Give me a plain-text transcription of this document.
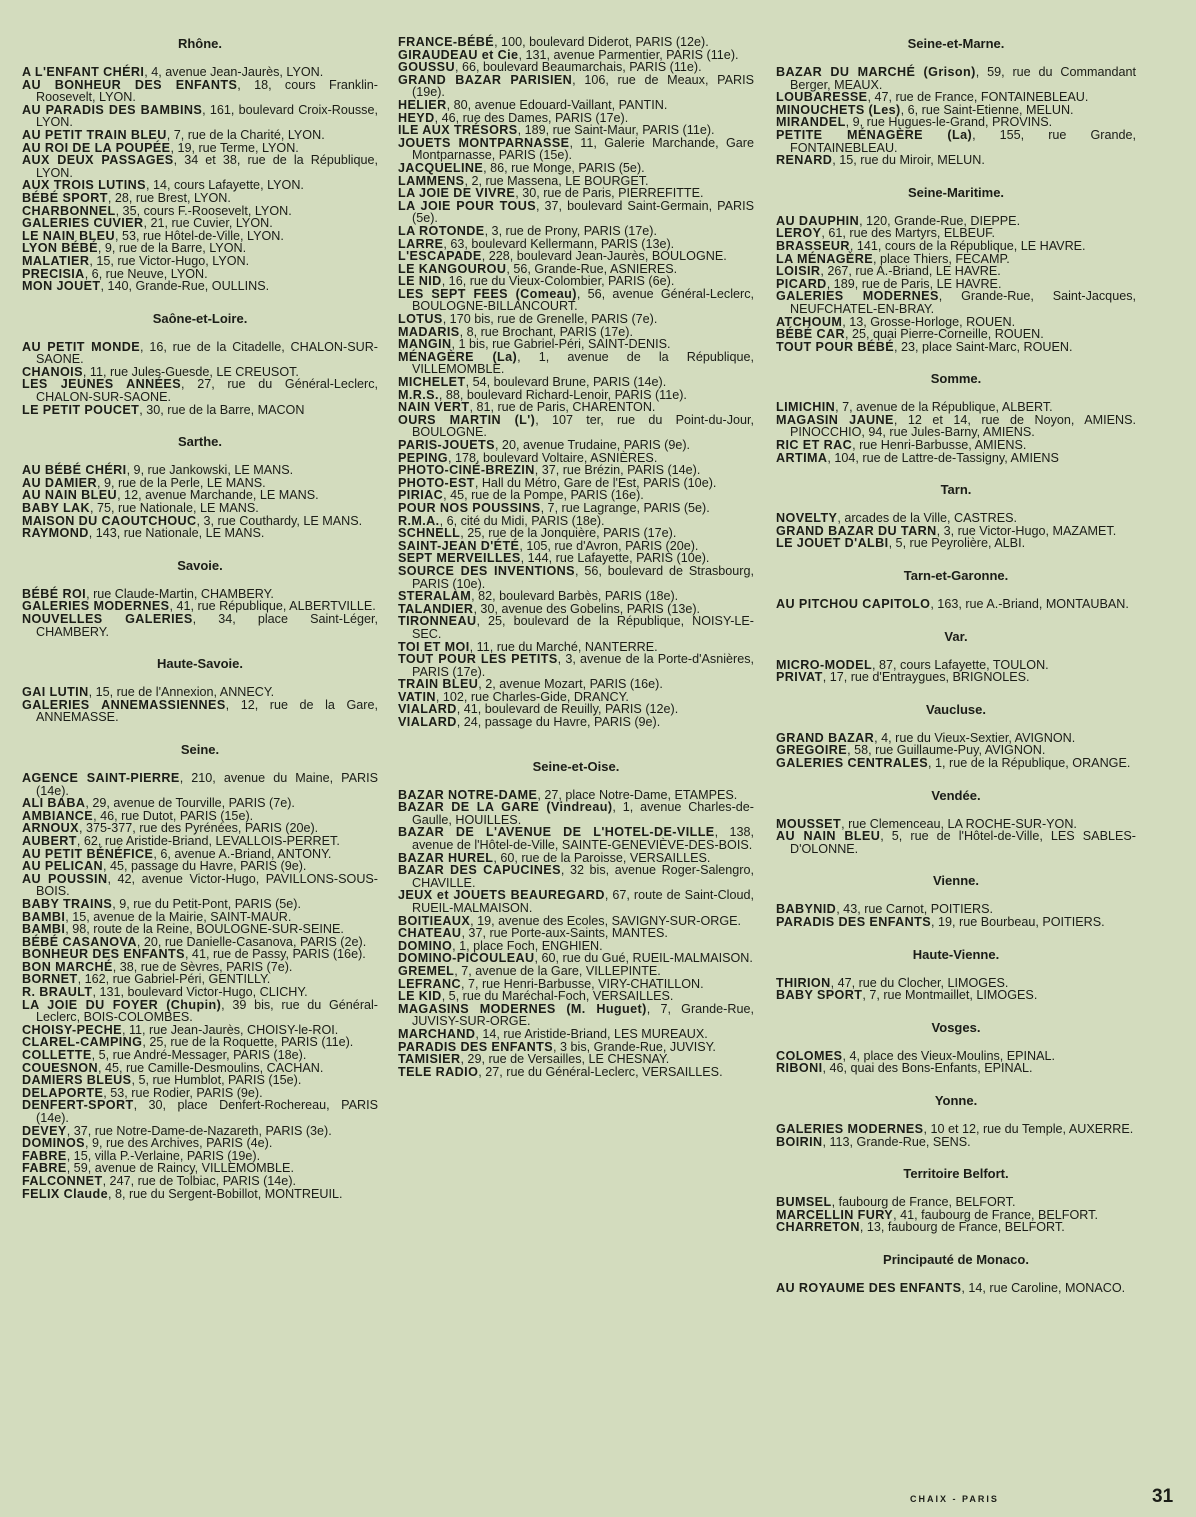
Rhône.

A L'ENFANT CHÉRI, 4, avenue Jean-Jaurès, LYON.

AU BONHEUR DES ENFANTS, 18, cours Franklin-Roosevelt, LYON.

AU PARADIS DES BAMBINS, 161, boulevard Croix-Rousse, LYON.

AU PETIT TRAIN BLEU, 7, rue de la Charité, LYON.

AU ROI DE LA POUPÉE, 19, rue Terme, LYON.

AUX DEUX PASSAGES, 34 et 38, rue de la République, LYON.

AUX TROIS LUTINS, 14, cours Lafayette, LYON.

BÉBÉ SPORT, 28, rue Brest, LYON.

CHARBONNEL, 35, cours F.-Roosevelt, LYON.

GALERIES CUVIER, 21, rue Cuvier, LYON.

LE NAIN BLEU, 53, rue Hôtel-de-Ville, LYON.

LYON BÉBÉ, 9, rue de la Barre, LYON.

MALATIER, 15, rue Victor-Hugo, LYON.

PRECISIA, 6, rue Neuve, LYON.

MON JOUET, 140, Grande-Rue, OULLINS.

Saône-et-Loire.

AU PETIT MONDE, 16, rue de la Citadelle, CHALON-SUR-SAONE.

CHANOIS, 11, rue Jules-Guesde, LE CREUSOT.

LES JEUNES ANNÉES, 27, rue du Général-Leclerc, CHALON-SUR-SAONE.

LE PETIT POUCET, 30, rue de la Barre, MACON

Sarthe.

AU BÉBÉ CHÉRI, 9, rue Jankowski, LE MANS.

AU DAMIER, 9, rue de la Perle, LE MANS.

AU NAIN BLEU, 12, avenue Marchande, LE MANS.

BABY LAK, 75, rue Nationale, LE MANS.

MAISON DU CAOUTCHOUC, 3, rue Couthardy, LE MANS.

RAYMOND, 143, rue Nationale, LE MANS.

Savoie.

BÉBÉ ROI, rue Claude-Martin, CHAMBERY.

GALERIES MODERNES, 41, rue République, ALBERTVILLE.

NOUVELLES GALERIES, 34, place Saint-Léger, CHAMBERY.

Haute-Savoie.

GAI LUTIN, 15, rue de l'Annexion, ANNECY.

GALERIES ANNEMASSIENNES, 12, rue de la Gare, ANNEMASSE.

Seine.

AGENCE SAINT-PIERRE, 210, avenue du Maine, PARIS (14e).

ALI BABA, 29, avenue de Tourville, PARIS (7e).

AMBIANCE, 46, rue Dutot, PARIS (15e).

ARNOUX, 375-377, rue des Pyrénées, PARIS (20e).

AUBERT, 62, rue Aristide-Briand, LEVALLOIS-PERRET.

AU PETIT BÉNÉFICE, 6, avenue A.-Briand, ANTONY.

AU PELICAN, 45, passage du Havre, PARIS (9e).

AU POUSSIN, 42, avenue Victor-Hugo, PAVILLONS-SOUS-BOIS.

BABY TRAINS, 9, rue du Petit-Pont, PARIS (5e).

BAMBI, 15, avenue de la Mairie, SAINT-MAUR.

BAMBI, 98, route de la Reine, BOULOGNE-SUR-SEINE.

BÉBÉ CASANOVA, 20, rue Danielle-Casanova, PARIS (2e).

BONHEUR DES ENFANTS, 41, rue de Passy, PARIS (16e).

BON MARCHÉ, 38, rue de Sèvres, PARIS (7e).

BORNET, 162, rue Gabriel-Péri, GENTILLY.

R. BRAULT, 131, boulevard Victor-Hugo, CLICHY.

LA JOIE DU FOYER (Chupin), 39 bis, rue du Général-Leclerc, BOIS-COLOMBES.

CHOISY-PECHE, 11, rue Jean-Jaurès, CHOISY-le-ROI.

CLAREL-CAMPING, 25, rue de la Roquette, PARIS (11e).

COLLETTE, 5, rue André-Messager, PARIS (18e).

COUESNON, 45, rue Camille-Desmoulins, CACHAN.

DAMIERS BLEUS, 5, rue Humblot, PARIS (15e).

DELAPORTE, 53, rue Rodier, PARIS (9e).

DENFERT-SPORT, 30, place Denfert-Rochereau, PARIS (14e).

DEVEY, 37, rue Notre-Dame-de-Nazareth, PARIS (3e).

DOMINOS, 9, rue des Archives, PARIS (4e).

FABRE, 15, villa P.-Verlaine, PARIS (19e).

FABRE, 59, avenue de Raincy, VILLEMOMBLE.

FALCONNET, 247, rue de Tolbiac, PARIS (14e).

FELIX Claude, 8, rue du Sergent-Bobillot, MONTREUIL.

FRANCE-BÉBÉ, 100, boulevard Diderot, PARIS (12e).

GIRAUDEAU et Cie, 131, avenue Parmentier, PARIS (11e).

GOUSSU, 66, boulevard Beaumarchais, PARIS (11e).

GRAND BAZAR PARISIEN, 106, rue de Meaux, PARIS (19e).

HELIER, 80, avenue Edouard-Vaillant, PANTIN.

HEYD, 46, rue des Dames, PARIS (17e).

ILE AUX TRÉSORS, 189, rue Saint-Maur, PARIS (11e).

JOUETS MONTPARNASSE, 11, Galerie Marchande, Gare Montparnasse, PARIS (15e).

JACQUELINE, 86, rue Monge, PARIS (5e).

LAMMENS, 2, rue Massena, LE BOURGET.

LA JOIE DE VIVRE, 30, rue de Paris, PIERREFITTE.

LA JOIE POUR TOUS, 37, boulevard Saint-Germain, PARIS (5e).

LA ROTONDE, 3, rue de Prony, PARIS (17e).

LARRE, 63, boulevard Kellermann, PARIS (13e).

L'ESCAPADE, 228, boulevard Jean-Jaurès, BOULOGNE.

LE KANGOUROU, 56, Grande-Rue, ASNIERES.

LE NID, 16, rue du Vieux-Colombier, PARIS (6e).

LES SEPT FEES (Comeau), 56, avenue Général-Leclerc, BOULOGNE-BILLANCOURT.

LOTUS, 170 bis, rue de Grenelle, PARIS (7e).

MADARIS, 8, rue Brochant, PARIS (17e).

MANGIN, 1 bis, rue Gabriel-Péri, SAINT-DENIS.

MÉNAGÈRE (La), 1, avenue de la République, VILLEMOMBLE.

MICHELET, 54, boulevard Brune, PARIS (14e).

M.R.S., 88, boulevard Richard-Lenoir, PARIS (11e).

NAIN VERT, 81, rue de Paris, CHARENTON.

OURS MARTIN (L'), 107 ter, rue du Point-du-Jour, BOULOGNE.

PARIS-JOUETS, 20, avenue Trudaine, PARIS (9e).

PEPING, 178, boulevard Voltaire, ASNIÈRES.

PHOTO-CINÉ-BREZIN, 37, rue Brézin, PARIS (14e).

PHOTO-EST, Hall du Métro, Gare de l'Est, PARIS (10e).

PIRIAC, 45, rue de la Pompe, PARIS (16e).

POUR NOS POUSSINS, 7, rue Lagrange, PARIS (5e).

R.M.A., 6, cité du Midi, PARIS (18e).

SCHNELL, 25, rue de la Jonquière, PARIS (17e).

SAINT-JEAN D'ÉTÉ, 105, rue d'Avron, PARIS (20e).

SEPT MERVEILLES, 144, rue Lafayette, PARIS (10e).

SOURCE DES INVENTIONS, 56, boulevard de Strasbourg, PARIS (10e).

STERALAM, 82, boulevard Barbès, PARIS (18e).

TALANDIER, 30, avenue des Gobelins, PARIS (13e).

TIRONNEAU, 25, boulevard de la République, NOISY-LE-SEC.

TOI ET MOI, 11, rue du Marché, NANTERRE.

TOUT POUR LES PETITS, 3, avenue de la Porte-d'Asnières, PARIS (17e).

TRAIN BLEU, 2, avenue Mozart, PARIS (16e).

VATIN, 102, rue Charles-Gide, DRANCY.

VIALARD, 41, boulevard de Reuilly, PARIS (12e).

VIALARD, 24, passage du Havre, PARIS (9e).

Seine-et-Oise.

BAZAR NOTRE-DAME, 27, place Notre-Dame, ETAMPES.

BAZAR DE LA GARE (Vindreau), 1, avenue Charles-de-Gaulle, HOUILLES.

BAZAR DE L'AVENUE DE L'HOTEL-DE-VILLE, 138, avenue de l'Hôtel-de-Ville, SAINTE-GENEVIÈVE-DES-BOIS.

BAZAR HUREL, 60, rue de la Paroisse, VERSAILLES.

BAZAR DES CAPUCINES, 32 bis, avenue Roger-Salengro, CHAVILLE.

JEUX et JOUETS BEAUREGARD, 67, route de Saint-Cloud, RUEIL-MALMAISON.

BOITIEAUX, 19, avenue des Ecoles, SAVIGNY-SUR-ORGE.

CHATEAU, 37, rue Porte-aux-Saints, MANTES.

DOMINO, 1, place Foch, ENGHIEN.

DOMINO-PICOULEAU, 60, rue du Gué, RUEIL-MALMAISON.

GREMEL, 7, avenue de la Gare, VILLEPINTE.

LEFRANC, 7, rue Henri-Barbusse, VIRY-CHATILLON.

LE KID, 5, rue du Maréchal-Foch, VERSAILLES.

MAGASINS MODERNES (M. Huguet), 7, Grande-Rue, JUVISY-SUR-ORGE.

MARCHAND, 14, rue Aristide-Briand, LES MUREAUX.

PARADIS DES ENFANTS, 3 bis, Grande-Rue, JUVISY.

TAMISIER, 29, rue de Versailles, LE CHESNAY.

TELE RADIO, 27, rue du Général-Leclerc, VERSAILLES.

Seine-et-Marne.

BAZAR DU MARCHÉ (Grison), 59, rue du Commandant Berger, MEAUX.

LOUBARESSE, 47, rue de France, FONTAINEBLEAU.

MINOUCHETS (Les), 6, rue Saint-Etienne, MELUN.

MIRANDEL, 9, rue Hugues-le-Grand, PROVINS.

PETITE MÉNAGÈRE (La), 155, rue Grande, FONTAINEBLEAU.

RENARD, 15, rue du Miroir, MELUN.

Seine-Maritime.

AU DAUPHIN, 120, Grande-Rue, DIEPPE.

LEROY, 61, rue des Martyrs, ELBEUF.

BRASSEUR, 141, cours de la République, LE HAVRE.

LA MÉNAGÈRE, place Thiers, FECAMP.

LOISIR, 267, rue A.-Briand, LE HAVRE.

PICARD, 189, rue de Paris, LE HAVRE.

GALERIES MODERNES, Grande-Rue, Saint-Jacques, NEUFCHATEL-EN-BRAY.

ATCHOUM, 13, Grosse-Horloge, ROUEN.

BÉBÉ CAR, 25, quai Pierre-Corneille, ROUEN.

TOUT POUR BÉBÉ, 23, place Saint-Marc, ROUEN.

Somme.

LIMICHIN, 7, avenue de la République, ALBERT.

MAGASIN JAUNE, 12 et 14, rue de Noyon, AMIENS. PINOCCHIO, 94, rue Jules-Barny, AMIENS.

RIC ET RAC, rue Henri-Barbusse, AMIENS.

ARTIMA, 104, rue de Lattre-de-Tassigny, AMIENS

Tarn.

NOVELTY, arcades de la Ville, CASTRES.

GRAND BAZAR DU TARN, 3, rue Victor-Hugo, MAZAMET.

LE JOUET D'ALBI, 5, rue Peyrolière, ALBI.

Tarn-et-Garonne.

AU PITCHOU CAPITOLO, 163, rue A.-Briand, MONTAUBAN.

Var.

MICRO-MODEL, 87, cours Lafayette, TOULON.

PRIVAT, 17, rue d'Entraygues, BRIGNOLES.

Vaucluse.

GRAND BAZAR, 4, rue du Vieux-Sextier, AVIGNON.

GREGOIRE, 58, rue Guillaume-Puy, AVIGNON.

GALERIES CENTRALES, 1, rue de la République, ORANGE.

Vendée.

MOUSSET, rue Clemenceau, LA ROCHE-SUR-YON.

AU NAIN BLEU, 5, rue de l'Hôtel-de-Ville, LES SABLES-D'OLONNE.

Vienne.

BABYNID, 43, rue Carnot, POITIERS.

PARADIS DES ENFANTS, 19, rue Bourbeau, POITIERS.

Haute-Vienne.

THIRION, 47, rue du Clocher, LIMOGES.

BABY SPORT, 7, rue Montmaillet, LIMOGES.

Vosges.

COLOMES, 4, place des Vieux-Moulins, EPINAL.

RIBONI, 46, quai des Bons-Enfants, EPINAL.

Yonne.

GALERIES MODERNES, 10 et 12, rue du Temple, AUXERRE.

BOIRIN, 113, Grande-Rue, SENS.

Territoire Belfort.

BUMSEL, faubourg de France, BELFORT.

MARCELLIN FURY, 41, faubourg de France, BELFORT.

CHARRETON, 13, faubourg de France, BELFORT.

Principauté de Monaco.

AU ROYAUME DES ENFANTS, 14, rue Caroline, MONACO.

CHAIX - PARIS	31
